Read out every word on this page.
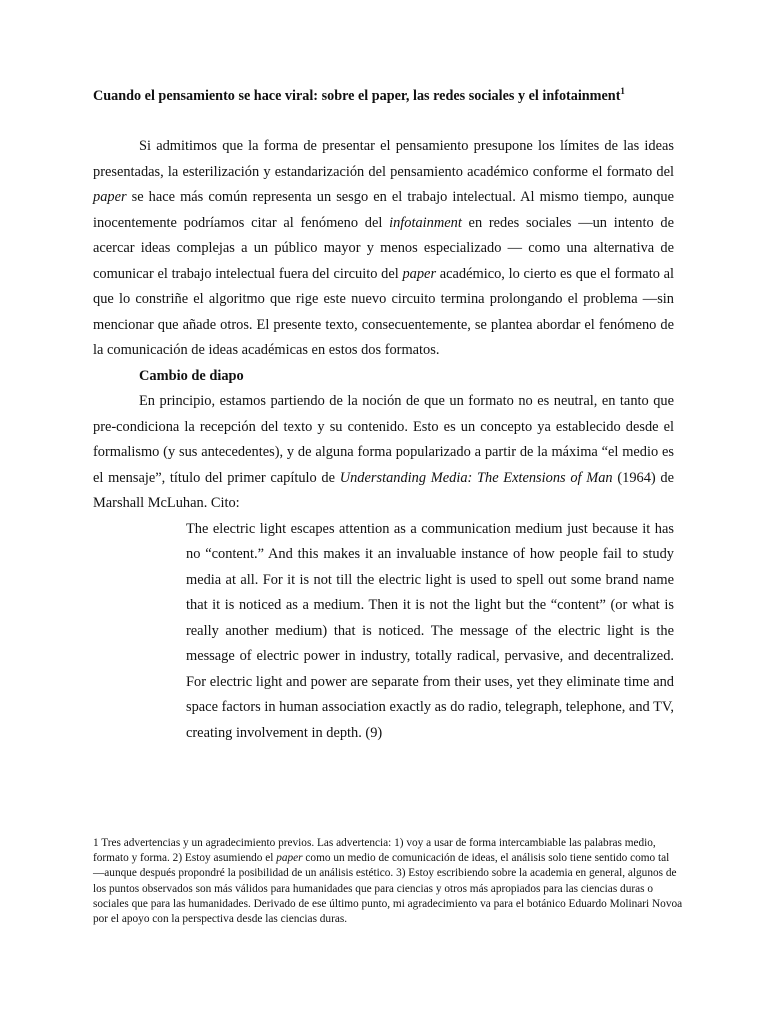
Cuando el pensamiento se hace viral: sobre el paper, las redes sociales y el infotainment$^1$

Si admitimos que la forma de presentar el pensamiento presupone los límites de las ideas presentadas, la esterilización y estandarización del pensamiento académico conforme el formato del paper se hace más común representa un sesgo en el trabajo intelectual. Al mismo tiempo, aunque inocentemente podríamos citar al fenómeno del infotainment en redes sociales —un intento de acercar ideas complejas a un público mayor y menos especializado — como una alternativa de comunicar el trabajo intelectual fuera del circuito del paper académico, lo cierto es que el formato al que lo constriñe el algoritmo que rige este nuevo circuito termina prolongando el problema —sin mencionar que añade otros. El presente texto, consecuentemente, se plantea abordar el fenómeno de la comunicación de ideas académicas en estos dos formatos.

Cambio de diapo

En principio, estamos partiendo de la noción de que un formato no es neutral, en tanto que pre-condiciona la recepción del texto y su contenido. Esto es un concepto ya establecido desde el formalismo (y sus antecedentes), y de alguna forma popularizado a partir de la máxima “el medio es el mensaje”, título del primer capítulo de Understanding Media: The Extensions of Man (1964) de Marshall McLuhan. Cito:

The electric light escapes attention as a communication medium just because it has no “content.” And this makes it an invaluable instance of how people fail to study media at all. For it is not till the electric light is used to spell out some brand name that it is noticed as a medium. Then it is not the light but the “content” (or what is really another medium) that is noticed. The message of the electric light is the message of electric power in industry, totally radical, pervasive, and decentralized. For electric light and power are separate from their uses, yet they eliminate time and space factors in human association exactly as do radio, telegraph, telephone, and TV, creating involvement in depth. (9)

1 Tres advertencias y un agradecimiento previos. Las advertencia: 1) voy a usar de forma intercambiable las palabras medio, formato y forma. 2) Estoy asumiendo el paper como un medio de comunicación de ideas, el análisis solo tiene sentido como tal —aunque después propondré la posibilidad de un análisis estético. 3) Estoy escribiendo sobre la academia en general, algunos de los puntos observados son más válidos para humanidades que para ciencias y otros más apropiados para las ciencias duras o sociales que para las humanidades. Derivado de ese último punto, mi agradecimiento va para el botánico Eduardo Molinari Novoa por el apoyo con la perspectiva desde las ciencias duras.
